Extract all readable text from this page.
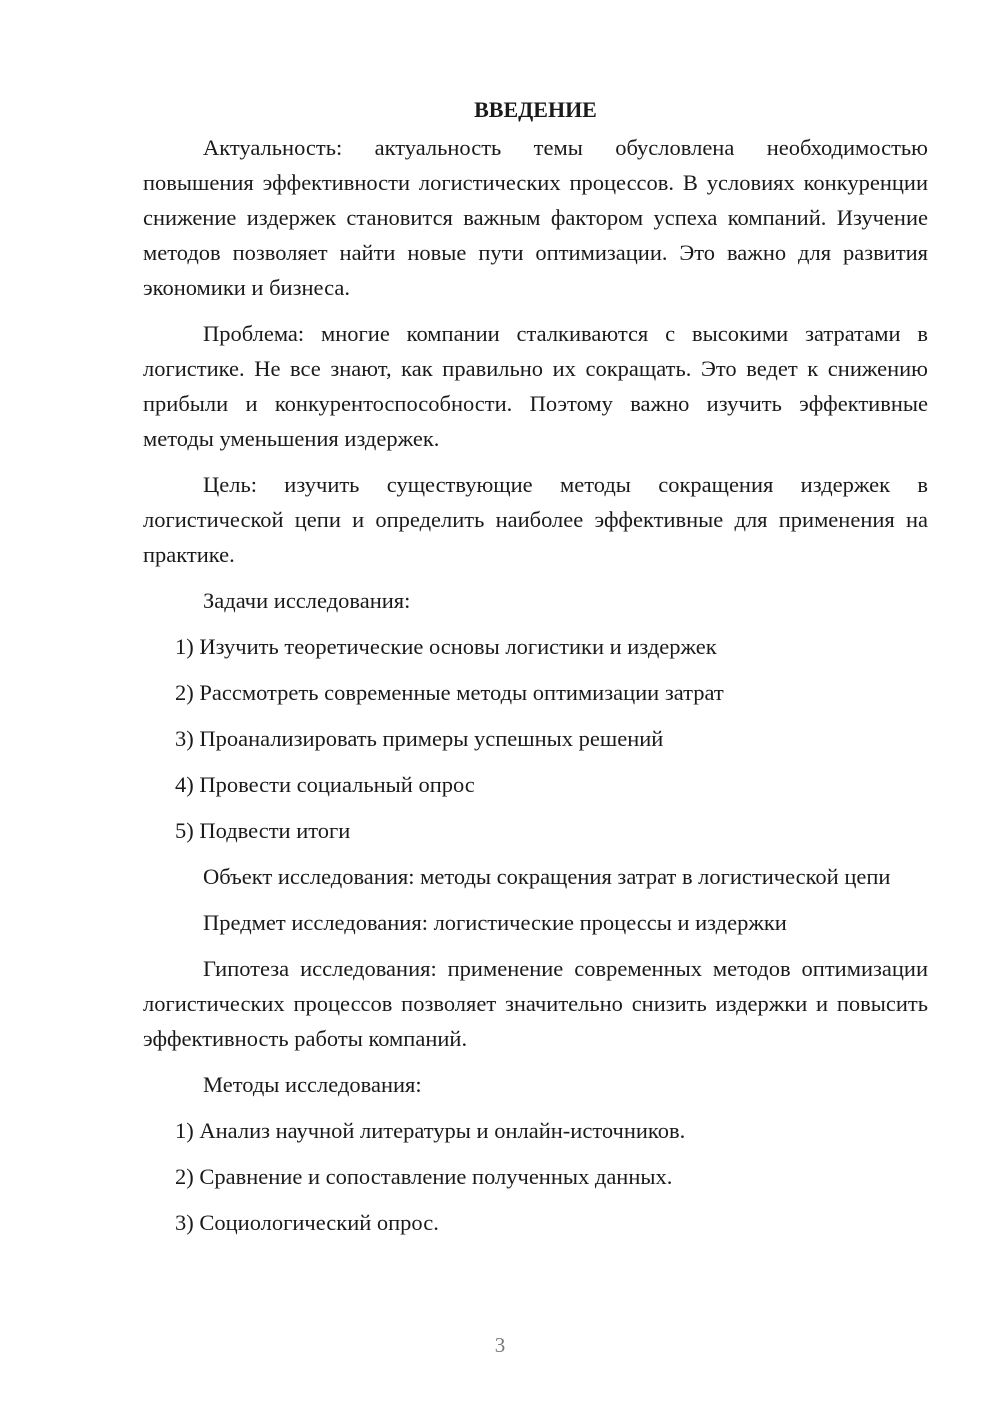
ВВЕДЕНИЕ
Актуальность: актуальность темы обусловлена необходимостью повышения эффективности логистических процессов. В условиях конкуренции снижение издержек становится важным фактором успеха компаний. Изучение методов позволяет найти новые пути оптимизации. Это важно для развития экономики и бизнеса.
Проблема: многие компании сталкиваются с высокими затратами в логистике. Не все знают, как правильно их сокращать. Это ведет к снижению прибыли и конкурентоспособности. Поэтому важно изучить эффективные методы уменьшения издержек.
Цель: изучить существующие методы сокращения издержек в логистической цепи и определить наиболее эффективные для применения на практике.
Задачи исследования:
1) Изучить теоретические основы логистики и издержек
2) Рассмотреть современные методы оптимизации затрат
3) Проанализировать примеры успешных решений
4) Провести социальный опрос
5) Подвести итоги
Объект исследования: методы сокращения затрат в логистической цепи
Предмет исследования: логистические процессы и издержки
Гипотеза исследования: применение современных методов оптимизации логистических процессов позволяет значительно снизить издержки и повысить эффективность работы компаний.
Методы исследования:
1) Анализ научной литературы и онлайн-источников.
2) Сравнение и сопоставление полученных данных.
3) Социологический опрос.
3
